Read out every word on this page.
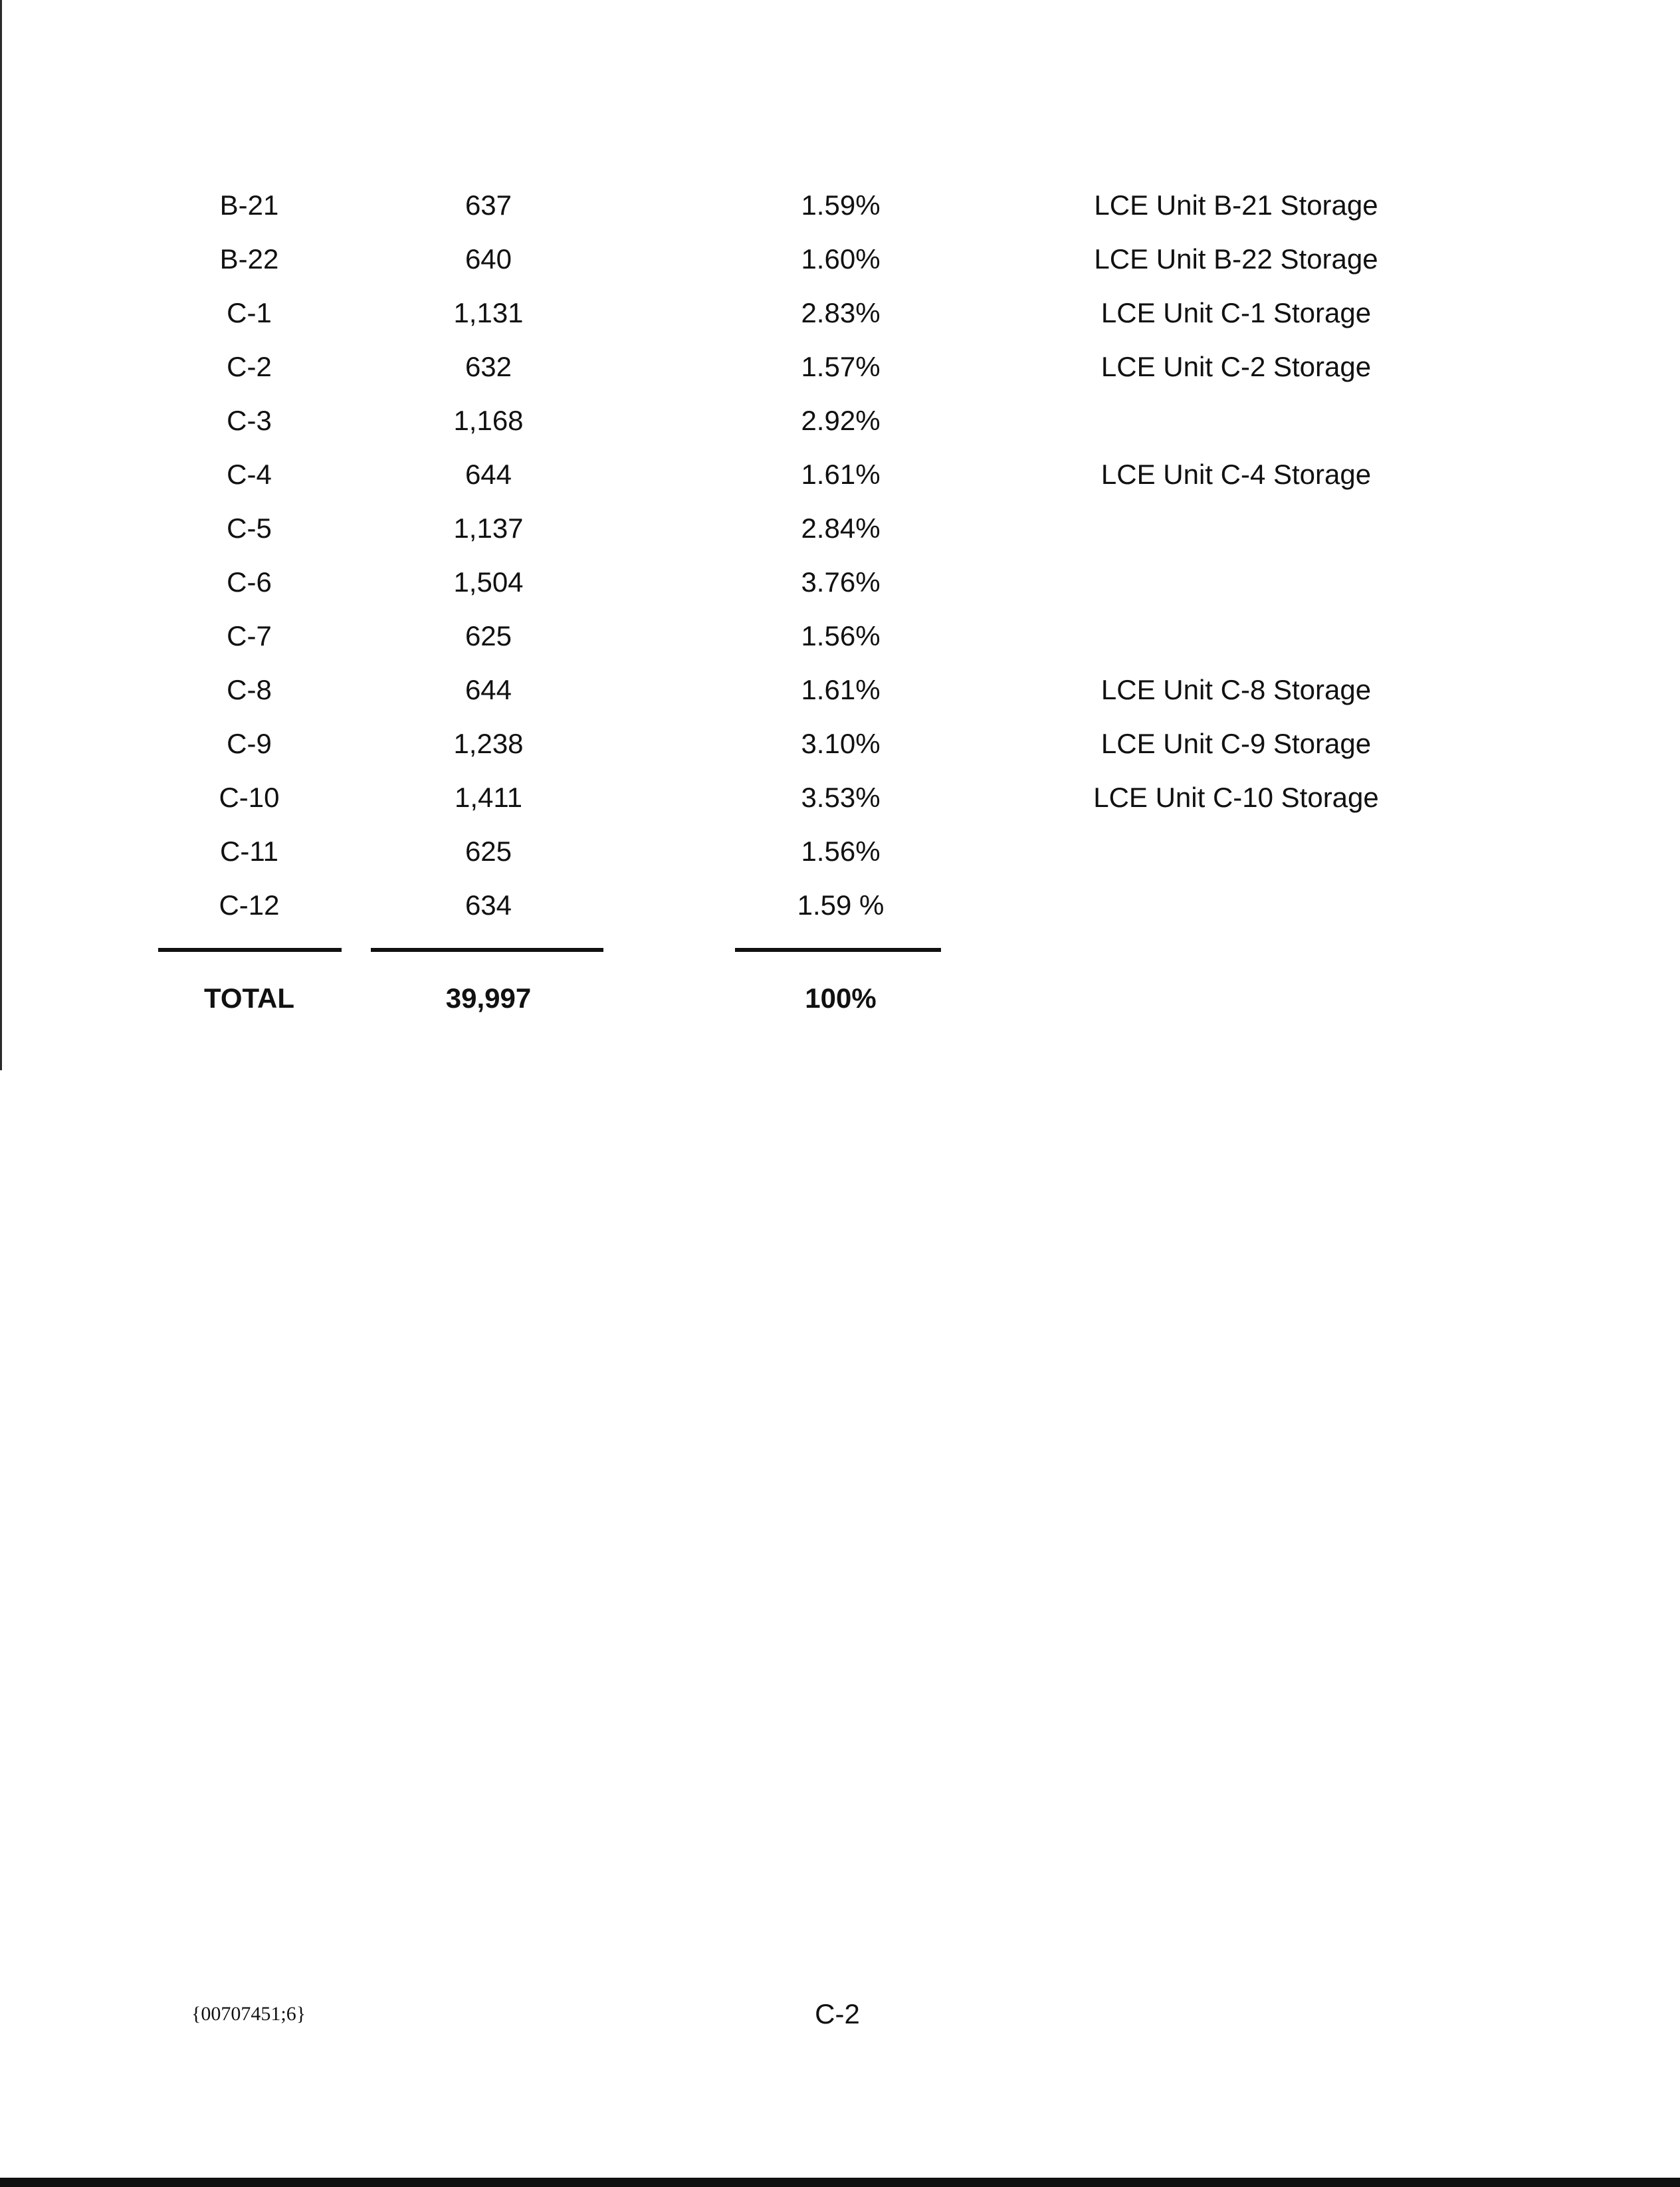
B-21	637	1.59%	LCE Unit B-21 Storage
B-22	640	1.60%	LCE Unit B-22 Storage
C-1	1,131	2.83%	LCE Unit C-1 Storage
C-2	632	1.57%	LCE Unit C-2 Storage
C-3	1,168	2.92%
C-4	644	1.61%	LCE Unit C-4 Storage
C-5	1,137	2.84%
C-6	1,504	3.76%
C-7	625	1.56%
C-8	644	1.61%	LCE Unit C-8 Storage
C-9	1,238	3.10%	LCE Unit C-9 Storage
C-10	1,411	3.53%	LCE Unit C-10 Storage
C-11	625	1.56%
C-12	634	1.59 %
TOTAL	39,997	100%
{00707451;6}	C-2
